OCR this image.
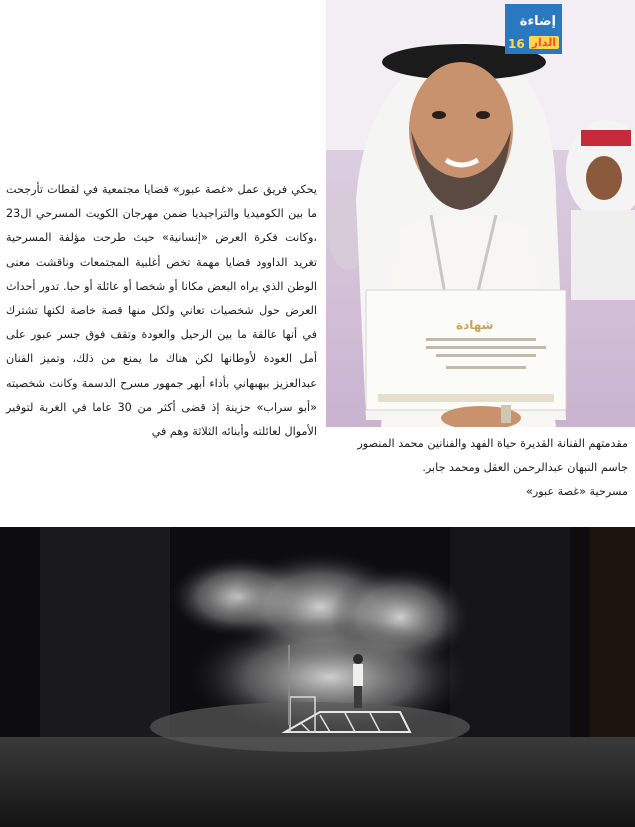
شهادة
إضاءة
الدار
16

يحكي فريق عمل «غصة عبور» قضايا مجتمعية في لقطات تأرجحت ما بين الكوميديا والتراجيديا ضمن مهرجان الكويت المسرحي ال23 ،وكانت فكرة العرض «إنسانية» حيث طرحت مؤلفة المسرحية تغريد الداوود قضايا مهمة تخص أغلبية المجتمعات وناقشت معنى الوطن الذي يراه البعض مكانا أو شخصا أو عائلة أو حبا. تدور أحداث العرض حول شخصيات تعاني ولكل منها قصة خاصة لكنها تشترك في أنها عالقة ما بين الرحيل والعودة وتقف فوق جسر عبور على أمل العودة لأوطانها لكن هناك ما يمنع من ذلك، وتميز الفنان عبدالعزيز ببهبهاني بأداء أبهر جمهور مسرح الدسمة وكانت شخصيته «أبو سراب» حزينة إذ قضى أكثر من 30 عاما في الغربة لتوفير الأموال لعائلته وأبنائه الثلاثة وهم في

مقدمتهم الفنانة القديرة حياة الفهد والفنانين محمد المنصور جاسم النبهان عبدالرحمن العقل ومحمد جابر.

مسرحية «غصة عبور»
